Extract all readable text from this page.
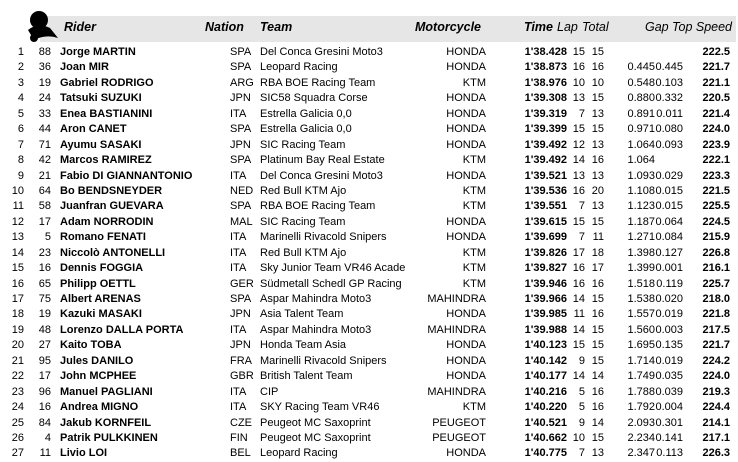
Rider	Nation Team	Motorcycle	Time Lap Total	Gap Top Speed
1	88 Jorge MARTIN	SPA Del Conca Gresini Moto3	HONDA	1'38.428 15 15	222.5
2	36 Joan MIR	SPA Leopard Racing	HONDA	1'38.873 16 16	0.445 0.445	221.7
3	19 Gabriel RODRIGO	ARG RBA BOE Racing Team	KTM	1'38.976 10 10	0.548 0.103	221.1
4	24 Tatsuki SUZUKI	JPN SIC58 Squadra Corse	HONDA	1'39.308 13 15	0.880 0.332	220.5
5	33 Enea BASTIANINI	ITA Estrella Galicia 0,0	HONDA	1'39.319	7 13	0.891 0.011	221.4
6	44 Aron CANET	SPA Estrella Galicia 0,0	HONDA	1'39.399 15 15	0.971 0.080	224.0
7	71 Ayumu SASAKI	JPN SIC Racing Team	HONDA	1'39.492 12 13	1.064 0.093	223.9
8	42 Marcos RAMIREZ	SPA Platinum Bay Real Estate	KTM	1'39.492 14 16	1.064	222.1
9	21 Fabio DI GIANNANTONIO	ITA Del Conca Gresini Moto3	HONDA	1'39.521 13 13	1.093 0.029	223.3
10	64 Bo BENDSNEYDER	NED Red Bull KTM Ajo	KTM	1'39.536 16 20	1.108 0.015	221.5
11	58 Juanfran GUEVARA	SPA RBA BOE Racing Team	KTM	1'39.551	7 13	1.123 0.015	225.5
12	17 Adam NORRODIN	MAL SIC Racing Team	HONDA	1'39.615 15 15	1.187 0.064	224.5
13	5 Romano FENATI	ITA Marinelli Rivacold Snipers	HONDA	1'39.699	7 11	1.271 0.084	215.9
14	23 Niccolò ANTONELLI	ITA Red Bull KTM Ajo	KTM	1'39.826 17 18	1.398 0.127	226.8
15	16 Dennis FOGGIA	ITA Sky Junior Team VR46 Acade	KTM	1'39.827 16 17	1.399 0.001	216.1
16	65 Philipp OETTL	GER Südmetall Schedl GP Racing	KTM	1'39.946 16 16	1.518 0.119	225.7
17	75 Albert ARENAS	SPA Aspar Mahindra Moto3	MAHINDRA	1'39.966 14 15	1.538 0.020	218.0
18	19 Kazuki MASAKI	JPN Asia Talent Team	HONDA	1'39.985 11 16	1.557 0.019	221.8
19	48 Lorenzo DALLA PORTA	ITA Aspar Mahindra Moto3	MAHINDRA	1'39.988 14 15	1.560 0.003	217.5
20	27 Kaito TOBA	JPN Honda Team Asia	HONDA	1'40.123 15 15	1.695 0.135	221.7
21	95 Jules DANILO	FRA Marinelli Rivacold Snipers	HONDA	1'40.142	9 15	1.714 0.019	224.2
22	17 John MCPHEE	GBR British Talent Team	HONDA	1'40.177 14 14	1.749 0.035	224.0
23	96 Manuel PAGLIANI	ITA CIP	MAHINDRA	1'40.216	5 16	1.788 0.039	219.3
24	16 Andrea MIGNO	ITA SKY Racing Team VR46	KTM	1'40.220	5 16	1.792 0.004	224.4
25	84 Jakub KORNFEIL	CZE Peugeot MC Saxoprint	PEUGEOT	1'40.521	9 14	2.093 0.301	214.1
26	4 Patrik PULKKINEN	FIN Peugeot MC Saxoprint	PEUGEOT	1'40.662 10 15	2.234 0.141	217.1
27	11 Livio LOI	BEL Leopard Racing	HONDA	1'40.775	7 13	2.347 0.113	226.3
